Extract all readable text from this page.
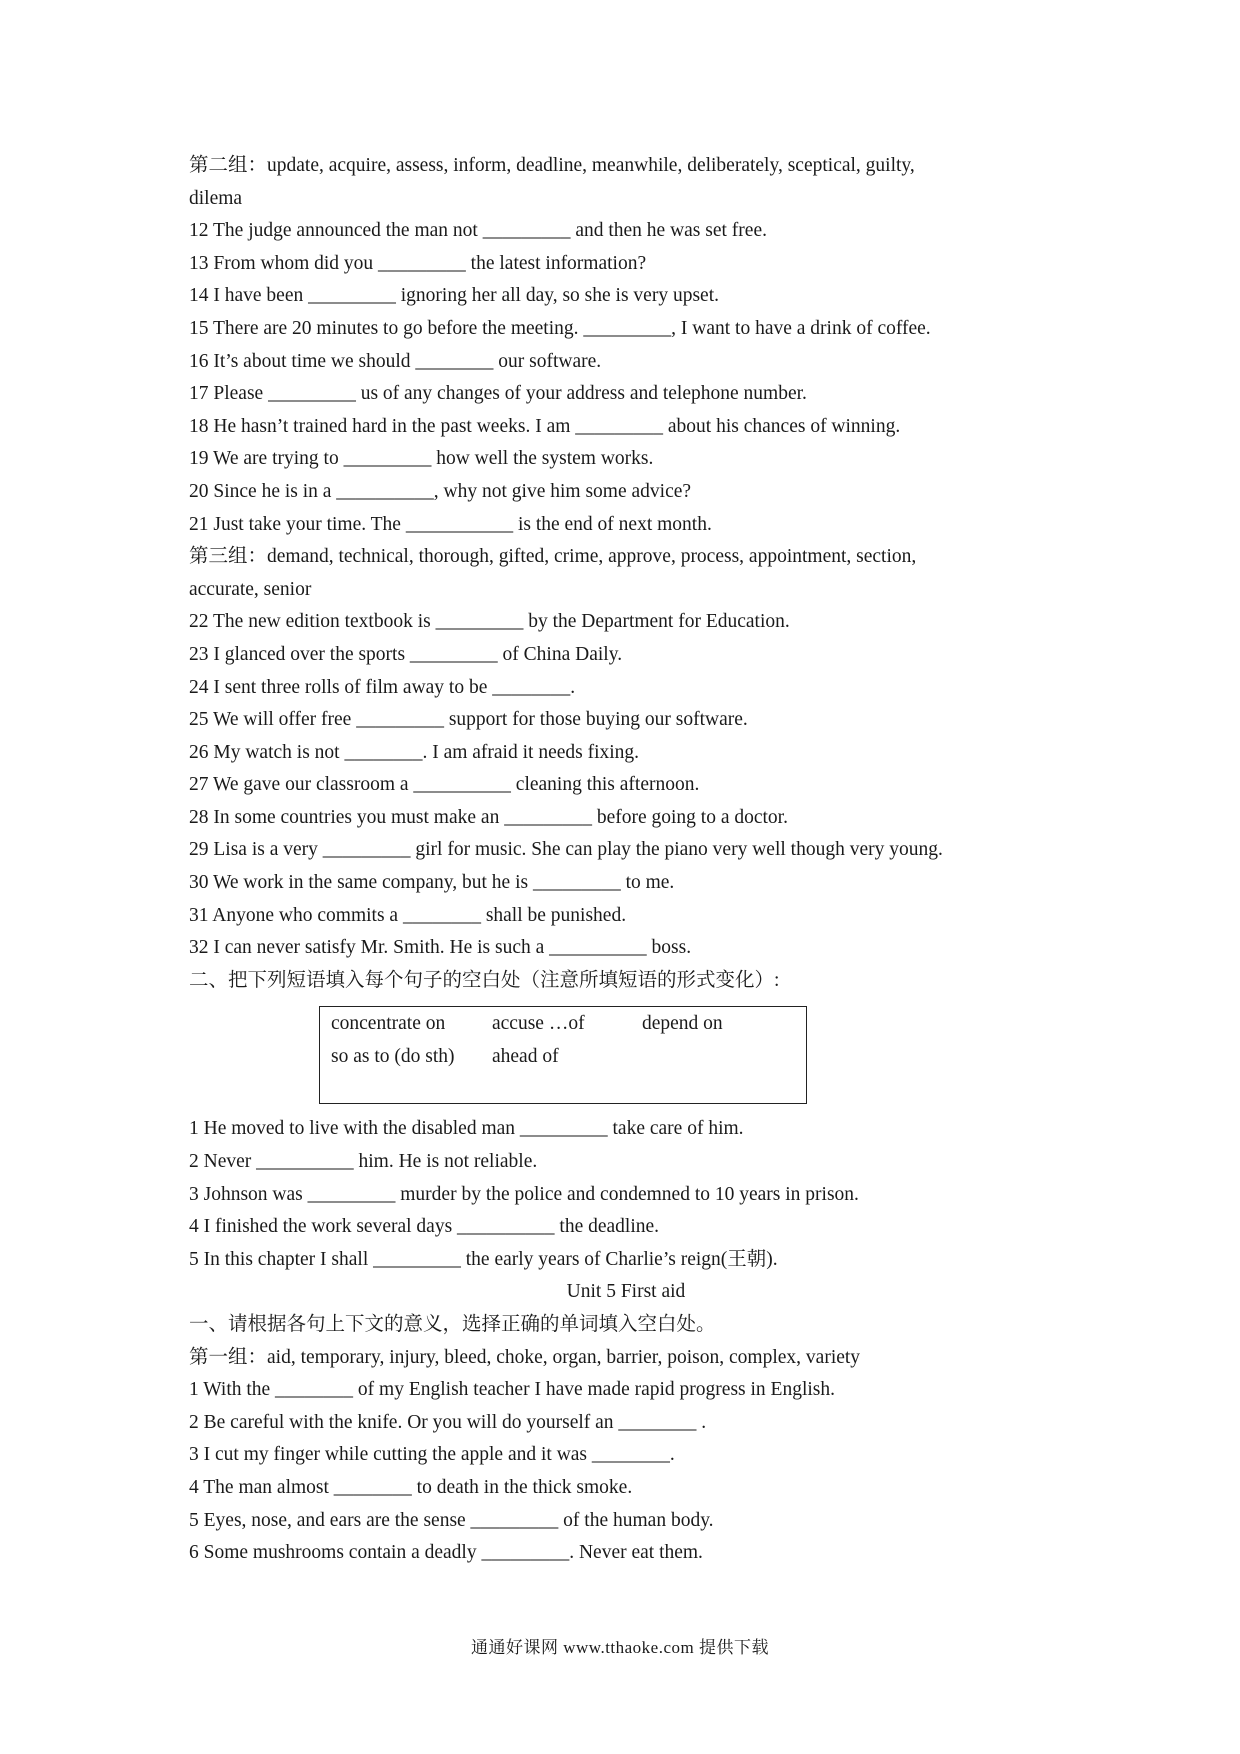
第二组：update, acquire, assess, inform, deadline, meanwhile, deliberately, sceptical, guilty,
dilema
12 The judge announced the man not _________ and then he was set free.
13 From whom did you _________ the latest information?
14 I have been _________ ignoring her all day, so she is very upset.
15 There are 20 minutes to go before the meeting. _________, I want to have a drink of coffee.
16 It’s about time we should ________ our software.
17 Please _________ us of any changes of your address and telephone number.
18 He hasn’t trained hard in the past weeks. I am _________ about his chances of winning.
19 We are trying to _________ how well the system works.
20 Since he is in a __________, why not give him some advice?
21 Just take your time. The ___________ is the end of next month.
第三组：demand, technical, thorough, gifted, crime, approve, process, appointment, section,
accurate, senior
22 The new edition textbook is _________ by the Department for Education.
23 I glanced over the sports _________ of China Daily.
24 I sent three rolls of film away to be ________.
25 We will offer free _________ support for those buying our software.
26 My watch is not ________. I am afraid it needs fixing.
27 We gave our classroom a __________ cleaning this afternoon.
28 In some countries you must make an _________ before going to a doctor.
29 Lisa is a very _________ girl for music. She can play the piano very well though very young.
30 We work in the same company, but he is _________ to me.
31 Anyone who commits a ________ shall be punished.
32 I can never satisfy Mr. Smith. He is such a __________ boss.
二、把下列短语填入每个句子的空白处（注意所填短语的形式变化）:
concentrate on accuse …of	depend on
so as to (do sth) ahead of
1 He moved to live with the disabled man _________ take care of him.
2 Never __________ him. He is not reliable.
3 Johnson was _________ murder by the police and condemned to 10 years in prison.
4 I finished the work several days __________ the deadline.
5 In this chapter I shall _________ the early years of Charlie’s reign(王朝).
Unit 5 First aid
一、请根据各句上下文的意义，选择正确的单词填入空白处。
第一组：aid, temporary, injury, bleed, choke, organ, barrier, poison, complex, variety
1 With the ________ of my English teacher I have made rapid progress in English.
2 Be careful with the knife. Or you will do yourself an ________ .
3 I cut my finger while cutting the apple and it was ________.
4 The man almost ________ to death in the thick smoke.
5 Eyes, nose, and ears are the sense _________ of the human body.
6 Some mushrooms contain a deadly _________. Never eat them.
通通好课网 www.tthaoke.com 提供下载
